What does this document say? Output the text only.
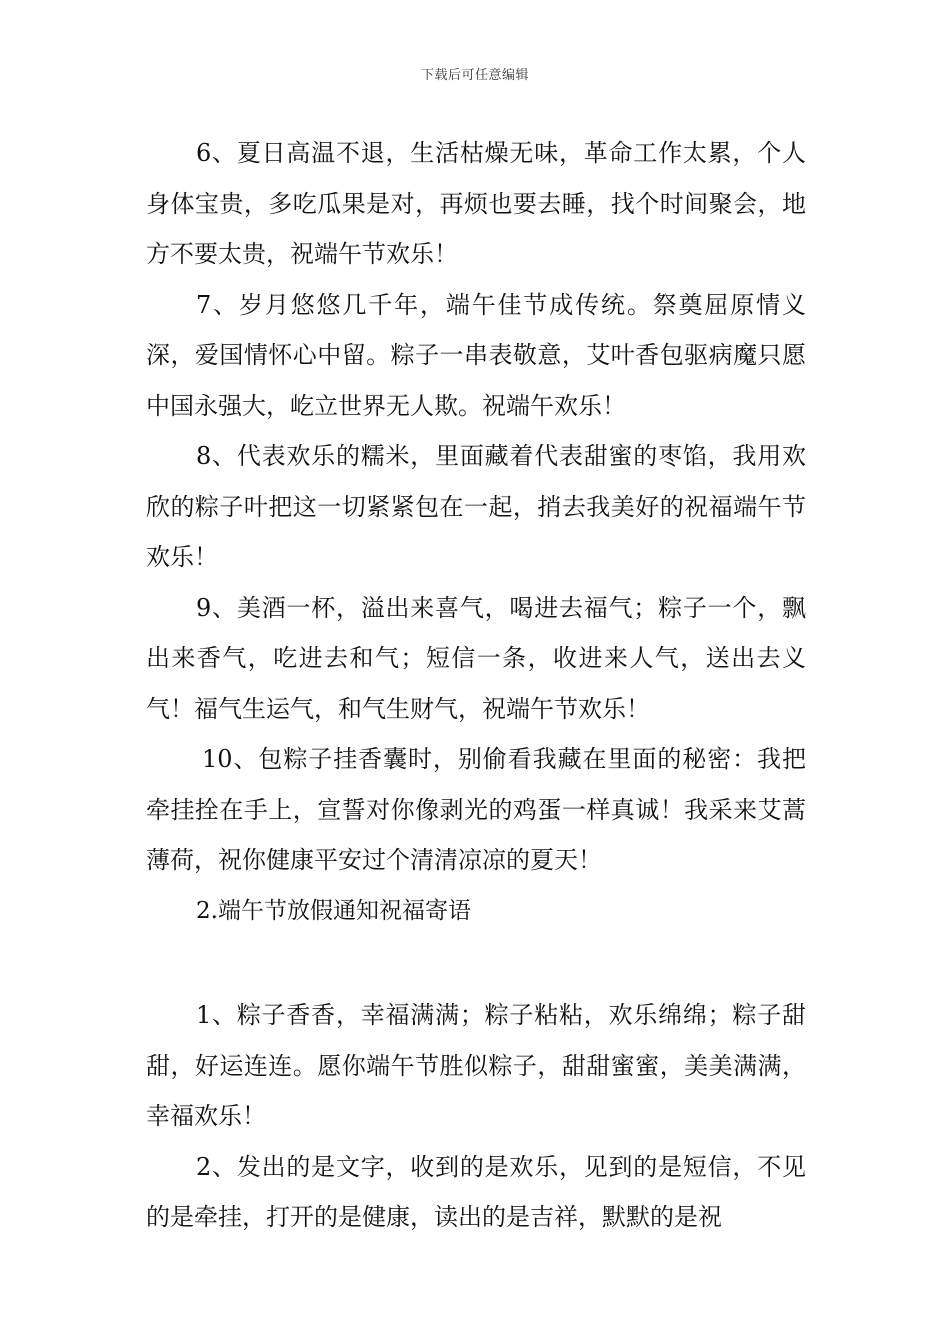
下载后可任意编辑

6、夏日高温不退，生活枯燥无味，革命工作太累，个人身体宝贵，多吃瓜果是对，再烦也要去睡，找个时间聚会，地方不要太贵，祝端午节欢乐！

7、岁月悠悠几千年，端午佳节成传统。祭奠屈原情义深，爱国情怀心中留。粽子一串表敬意，艾叶香包驱病魔只愿中国永强大，屹立世界无人欺。祝端午欢乐！

8、代表欢乐的糯米，里面藏着代表甜蜜的枣馅，我用欢欣的粽子叶把这一切紧紧包在一起，捎去我美好的祝福端午节欢乐！

9、美酒一杯，溢出来喜气，喝进去福气；粽子一个，飘出来香气，吃进去和气；短信一条，收进来人气，送出去义气！福气生运气，和气生财气，祝端午节欢乐！

10、包粽子挂香囊时，别偷看我藏在里面的秘密：我把牵挂拴在手上，宣誓对你像剥光的鸡蛋一样真诚！我采来艾蒿薄荷，祝你健康平安过个清清凉凉的夏天！

2.端午节放假通知祝福寄语

1、粽子香香，幸福满满；粽子粘粘，欢乐绵绵；粽子甜甜，好运连连。愿你端午节胜似粽子，甜甜蜜蜜，美美满满，幸福欢乐！

2、发出的是文字，收到的是欢乐，见到的是短信，不见的是牵挂，打开的是健康，读出的是吉祥，默默的是祝
